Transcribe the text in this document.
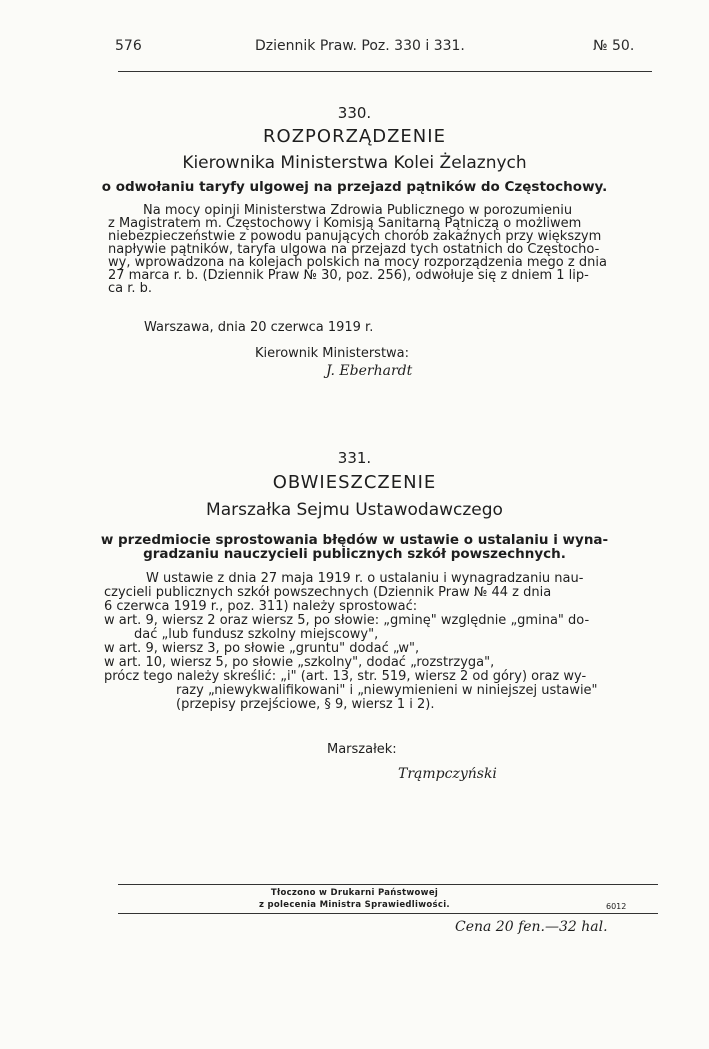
576	Dziennik Praw. Poz. 330 i 331.	№ 50.
330.
ROZPORZĄDZENIE
Kierownika Ministerstwa Kolei Żelaznych
o odwołaniu taryfy ulgowej na przejazd pątników do Częstochowy.
Na mocy opinji Ministerstwa Zdrowia Publicznego w porozumieniu
z Magistratem m. Częstochowy i Komisją Sanitarną Pątniczą o możliwem
niebezpieczeństwie z powodu panujących chorób zakaźnych przy większym
napływie pątników, taryfa ulgowa na przejazd tych ostatnich do Częstocho-
wy, wprowadzona na kolejach polskich na mocy rozporządzenia mego z dnia
27 marca r. b. (Dziennik Praw № 30, poz. 256), odwołuje się z dniem 1 lip-
ca r. b.
Warszawa, dnia 20 czerwca 1919 r.
Kierownik Ministerstwa:
J. Eberhardt
331.
OBWIESZCZENIE
Marszałka Sejmu Ustawodawczego
w przedmiocie sprostowania błędów w ustawie o ustalaniu i wyna-
gradzaniu nauczycieli publicznych szkół powszechnych.
W ustawie z dnia 27 maja 1919 r. o ustalaniu i wynagradzaniu nau-
czycieli publicznych szkół powszechnych (Dziennik Praw № 44 z dnia
6 czerwca 1919 r., poz. 311) należy sprostować:
w art. 9, wiersz 2 oraz wiersz 5, po słowie: „gminę" względnie „gmina" do-
dać „lub fundusz szkolny miejscowy",
w art. 9, wiersz 3, po słowie „gruntu" dodać „w",
w art. 10, wiersz 5, po słowie „szkolny", dodać „rozstrzyga",
prócz tego należy skreślić: „i" (art. 13, str. 519, wiersz 2 od góry) oraz wy-
razy „niewykwalifikowani" i „niewymienieni w niniejszej ustawie"
(przepisy przejściowe, § 9, wiersz 1 i 2).
Marszałek:
Trąmpczyński
Tłoczono w Drukarni Państwowej
z polecenia Ministra Sprawiedliwości.	6012
Cena 20 fen.—32 hal.
